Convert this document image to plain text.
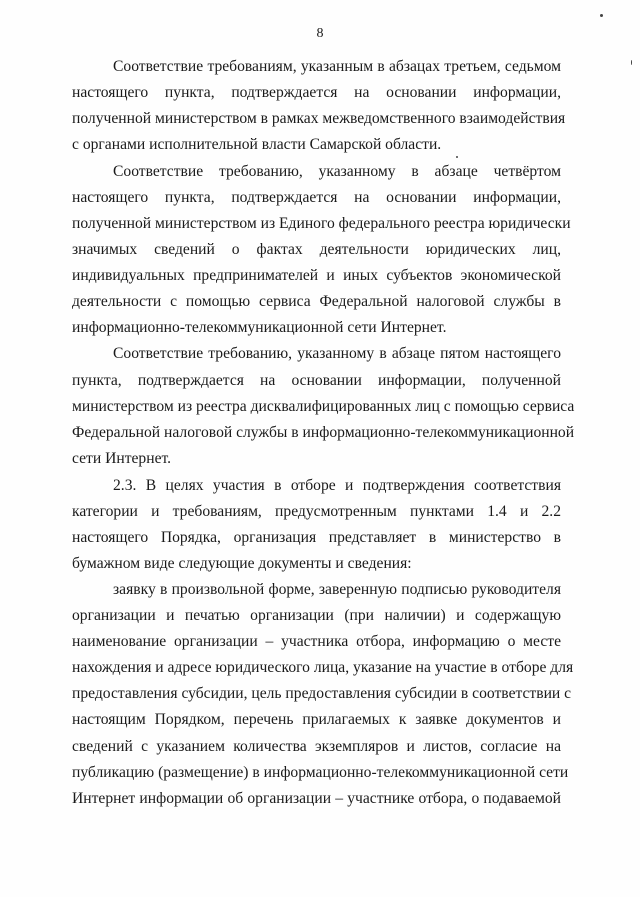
8
Соответствие требованиям, указанным в абзацах третьем, седьмом
настоящего пункта, подтверждается на основании информации,
полученной министерством в рамках межведомственного взаимодействия
с органами исполнительной власти Самарской области.
Соответствие требованию, указанному в абзаце четвёртом
настоящего пункта, подтверждается на основании информации,
полученной министерством из Единого федерального реестра юридически
значимых сведений о фактах деятельности юридических лиц,
индивидуальных предпринимателей и иных субъектов экономической
деятельности с помощью сервиса Федеральной налоговой службы в
информационно-телекоммуникационной сети Интернет.
Соответствие требованию, указанному в абзаце пятом настоящего
пункта, подтверждается на основании информации, полученной
министерством из реестра дисквалифицированных лиц с помощью сервиса
Федеральной налоговой службы в информационно-телекоммуникационной
сети Интернет.
2.3. В целях участия в отборе и подтверждения соответствия
категории и требованиям, предусмотренным пунктами 1.4 и 2.2
настоящего Порядка, организация представляет в министерство в
бумажном виде следующие документы и сведения:
заявку в произвольной форме, заверенную подписью руководителя
организации и печатью организации (при наличии) и содержащую
наименование организации – участника отбора, информацию о месте
нахождения и адресе юридического лица, указание на участие в отборе для
предоставления субсидии, цель предоставления субсидии в соответствии с
настоящим Порядком, перечень прилагаемых к заявке документов и
сведений с указанием количества экземпляров и листов, согласие на
публикацию (размещение) в информационно-телекоммуникационной сети
Интернет информации об организации – участнике отбора, о подаваемой
